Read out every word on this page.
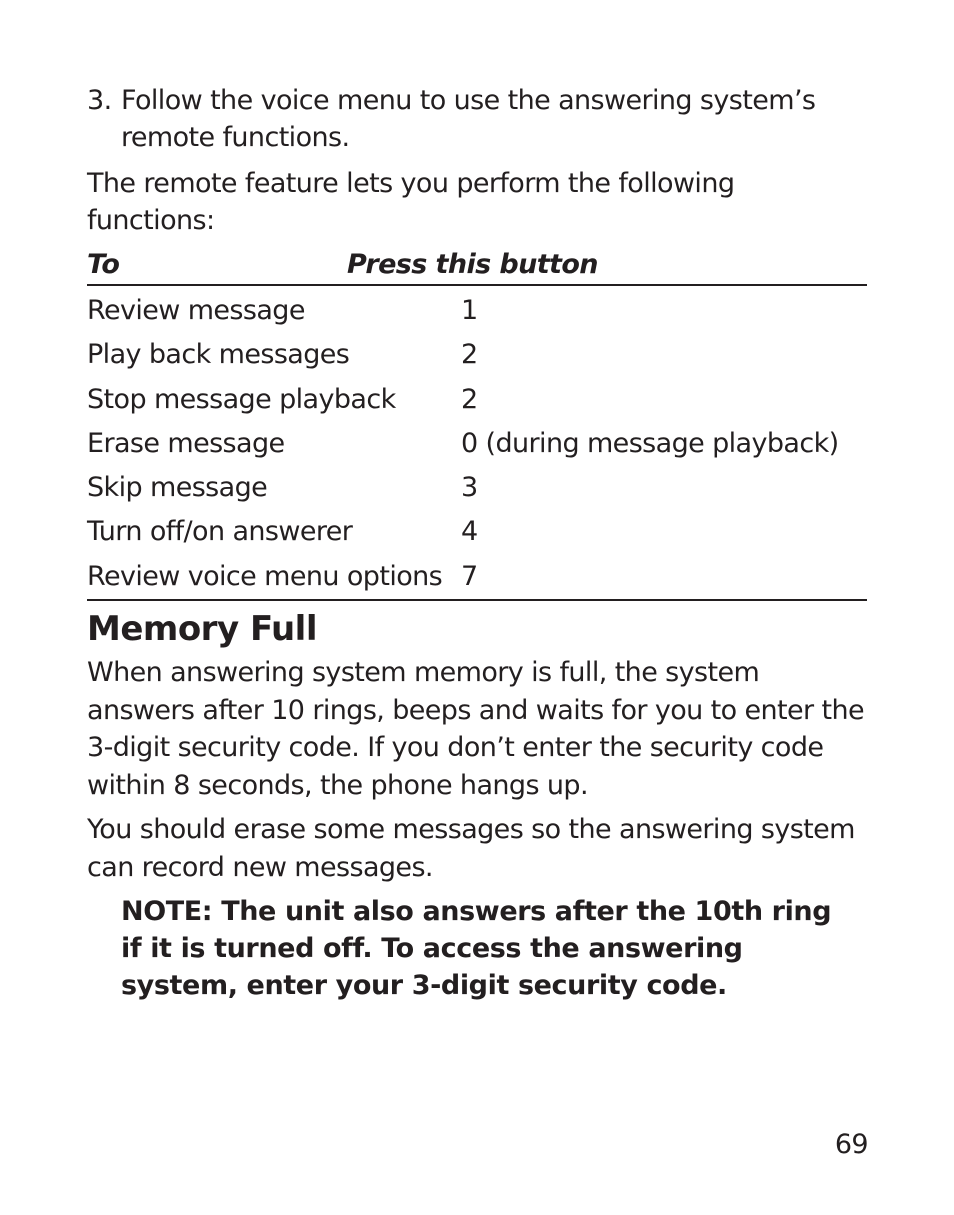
3. Follow the voice menu to use the answering system’s remote functions.
The remote feature lets you perform the following functions:
To	Press this button
Review message	1
Play back messages	2
Stop message playback	2
Erase message	0 (during message playback)
Skip message	3
Turn off/on answerer	4
Review voice menu options 7
Memory Full
When answering system memory is full, the system answers after 10 rings, beeps and waits for you to enter the 3-digit security code. If you don’t enter the security code within 8 seconds, the phone hangs up.
You should erase some messages so the answering system can record new messages.
NOTE: The unit also answers after the 10th ring if it is turned off. To access the answering system, enter your 3-digit security code.
69
